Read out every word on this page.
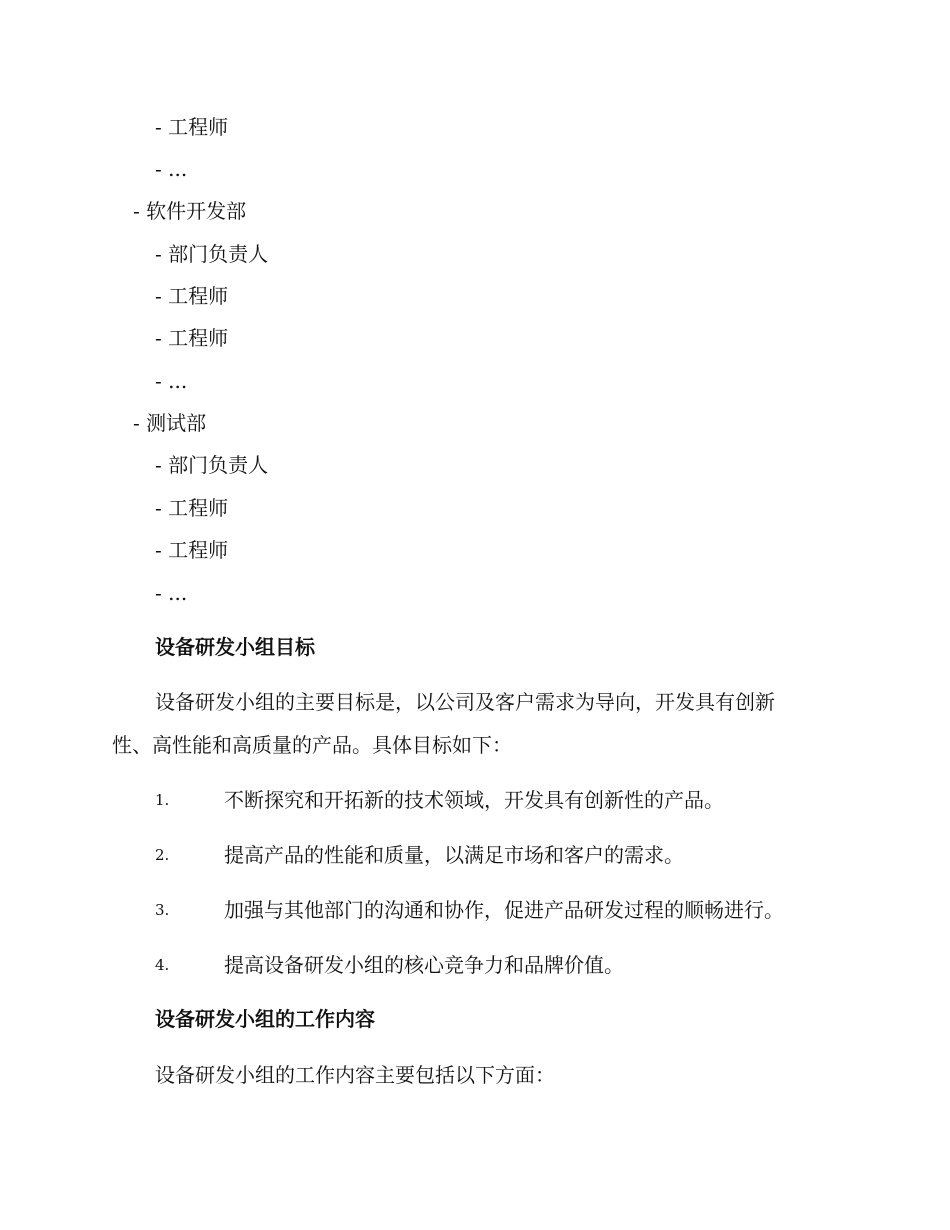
- 工程师
- ...
- 软件开发部
- 部门负责人
- 工程师
- 工程师
- ...
- 测试部
- 部门负责人
- 工程师
- 工程师
- ...
设备研发小组目标
设备研发小组的主要目标是，以公司及客户需求为导向，开发具有创新
性、高性能和高质量的产品。具体目标如下：
1.	不断探究和开拓新的技术领域，开发具有创新性的产品。
2.	提高产品的性能和质量，以满足市场和客户的需求。
3.	加强与其他部门的沟通和协作，促进产品研发过程的顺畅进行。
4.	提高设备研发小组的核心竞争力和品牌价值。
设备研发小组的工作内容
设备研发小组的工作内容主要包括以下方面：
